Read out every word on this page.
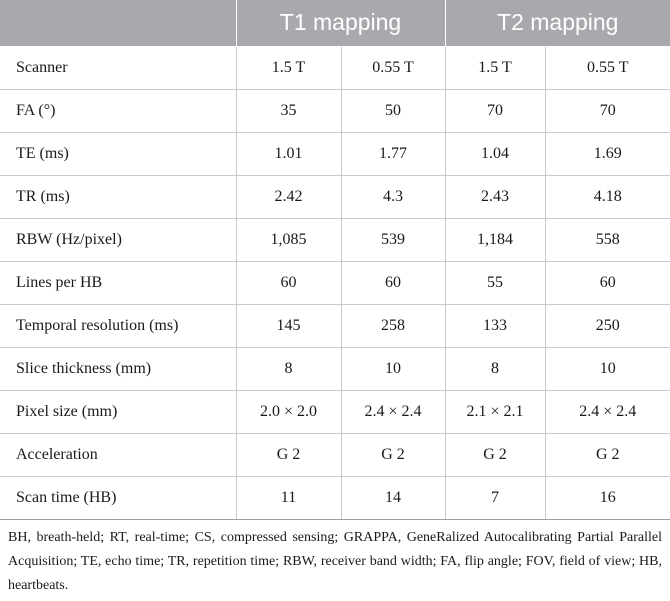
	T1 mapping		T2 mapping	
Scanner	1.5 T	0.55 T	1.5 T	0.55 T
FA (°)	35	50	70	70
TE (ms)	1.01	1.77	1.04	1.69
TR (ms)	2.42	4.3	2.43	4.18
RBW (Hz/pixel)	1,085	539	1,184	558
Lines per HB	60	60	55	60
Temporal resolution (ms)	145	258	133	250
Slice thickness (mm)	8	10	8	10
Pixel size (mm)	2.0 × 2.0	2.4 × 2.4	2.1 × 2.1	2.4 × 2.4
Acceleration	G 2	G 2	G 2	G 2
Scan time (HB)	11	14	7	16
BH, breath-held; RT, real-time; CS, compressed sensing; GRAPPA, GeneRalized Autocalibrating Partial Parallel Acquisition; TE, echo time; TR, repetition time; RBW, receiver band width; FA, flip angle; FOV, field of view; HB, heartbeats.
